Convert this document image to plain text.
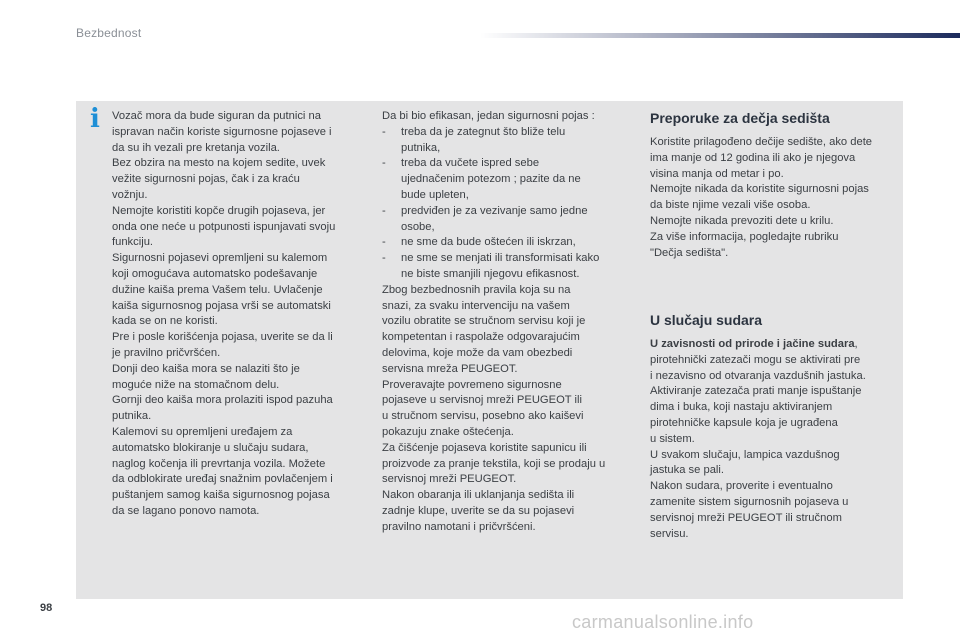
Bezbednost
i	Vozač mora da bude siguran da putnici na
ispravan način koriste sigurnosne pojaseve i
da su ih vezali pre kretanja vozila.
Bez obzira na mesto na kojem sedite, uvek
vežite sigurnosni pojas, čak i za kraću
vožnju.
Nemojte koristiti kopče drugih pojaseva, jer
onda one neće u potpunosti ispunjavati svoju
funkciju.
Sigurnosni pojasevi opremljeni su kalemom
koji omogućava automatsko podešavanje
dužine kaiša prema Vašem telu. Uvlačenje
kaiša sigurnosnog pojasa vrši se automatski
kada se on ne koristi.
Pre i posle korišćenja pojasa, uverite se da li
je pravilno pričvršćen.
Donji deo kaiša mora se nalaziti što je
moguće niže na stomačnom delu.
Gornji deo kaiša mora prolaziti ispod pazuha
putnika.
Kalemovi su opremljeni uređajem za
automatsko blokiranje u slučaju sudara,
naglog kočenja ili prevrtanja vozila. Možete
da odblokirate uređaj snažnim povlačenjem i
puštanjem samog kaiša sigurnosnog pojasa
da se lagano ponovo namota.
Da bi bio efikasan, jedan sigurnosni pojas :
- treba da je zategnut što bliže telu
putnika,
- treba da vučete ispred sebe
ujednačenim potezom ; pazite da ne
bude upleten,
- predviđen je za vezivanje samo jedne
osobe,
- ne sme da bude oštećen ili iskrzan,
- ne sme se menjati ili transformisati kako
ne biste smanjili njegovu efikasnost.
Zbog bezbednosnih pravila koja su na
snazi, za svaku intervenciju na vašem
vozilu obratite se stručnom servisu koji je
kompetentan i raspolaže odgovarajućim
delovima, koje može da vam obezbedi
servisna mreža PEUGEOT.
Proveravajte povremeno sigurnosne
pojaseve u servisnoj mreži PEUGEOT ili
u stručnom servisu, posebno ako kaiševi
pokazuju znake oštećenja.
Za čišćenje pojaseva koristite sapunicu ili
proizvode za pranje tekstila, koji se prodaju u
servisnoj mreži PEUGEOT.
Nakon obaranja ili uklanjanja sedišta ili
zadnje klupe, uverite se da su pojasevi
pravilno namotani i pričvršćeni.
Preporuke za dečja sedišta
Koristite prilagođeno dečije sedište, ako dete
ima manje od 12 godina ili ako je njegova
visina manja od metar i po.
Nemojte nikada da koristite sigurnosni pojas
da biste njime vezali više osoba.
Nemojte nikada prevoziti dete u krilu.
Za više informacija, pogledajte rubriku
"Dečja sedišta".
U slučaju sudara
U zavisnosti od prirode i jačine sudara,
pirotehnički zatezači mogu se aktivirati pre
i nezavisno od otvaranja vazdušnih jastuka.
Aktiviranje zatezača prati manje ispuštanje
dima i buka, koji nastaju aktiviranjem
pirotehničke kapsule koja je ugrađena
u sistem.
U svakom slučaju, lampica vazdušnog
jastuka se pali.
Nakon sudara, proverite i eventualno
zamenite sistem sigurnosnih pojaseva u
servisnoj mreži PEUGEOT ili stručnom
servisu.
98
carmanualsonline.info
